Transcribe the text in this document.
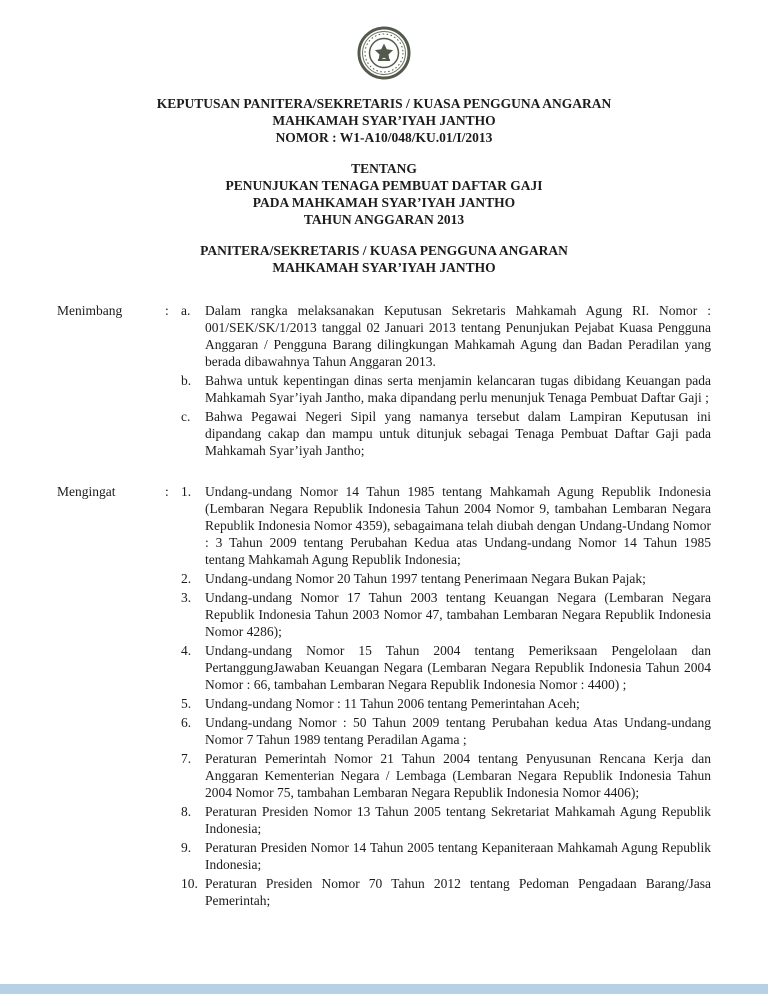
KEPUTUSAN PANITERA/SEKRETARIS / KUASA PENGGUNA ANGARAN
MAHKAMAH SYAR’IYAH JANTHO
NOMOR : W1-A10/048/KU.01/I/2013
TENTANG
PENUNJUKAN TENAGA PEMBUAT DAFTAR GAJI
PADA MAHKAMAH SYAR’IYAH JANTHO
TAHUN ANGGARAN 2013
PANITERA/SEKRETARIS / KUASA PENGGUNA ANGARAN
MAHKAMAH SYAR’IYAH JANTHO
Menimbang	: a.	Dalam rangka melaksanakan Keputusan Sekretaris Mahkamah Agung RI. Nomor : 001/SEK/SK/1/2013 tanggal 02 Januari 2013 tentang Penunjukan Pejabat Kuasa Pengguna Anggaran / Pengguna Barang dilingkungan Mahkamah Agung dan Badan Peradilan yang berada dibawahnya Tahun Anggaran 2013.
b.	Bahwa untuk kepentingan dinas serta menjamin kelancaran tugas dibidang Keuangan pada Mahkamah Syar’iyah Jantho, maka dipandang perlu menunjuk Tenaga Pembuat Daftar Gaji ;
c.	Bahwa Pegawai Negeri Sipil yang namanya tersebut dalam Lampiran Keputusan ini dipandang cakap dan mampu untuk ditunjuk sebagai Tenaga Pembuat Daftar Gaji pada Mahkamah Syar’iyah Jantho;
Mengingat	: 1.	Undang-undang Nomor 14 Tahun 1985 tentang Mahkamah Agung Republik Indonesia (Lembaran Negara Republik Indonesia Tahun 2004 Nomor 9, tambahan Lembaran Negara Republik Indonesia Nomor 4359), sebagaimana telah diubah dengan Undang-Undang Nomor : 3 Tahun 2009 tentang Perubahan Kedua atas Undang-undang Nomor 14 Tahun 1985 tentang Mahkamah Agung Republik Indonesia;
2.	Undang-undang Nomor 20 Tahun 1997 tentang Penerimaan Negara Bukan Pajak;
3.	Undang-undang Nomor 17 Tahun 2003 tentang Keuangan Negara (Lembaran Negara Republik Indonesia Tahun 2003 Nomor 47, tambahan Lembaran Negara Republik Indonesia Nomor 4286);
4.	Undang-undang Nomor 15 Tahun 2004 tentang Pemeriksaan Pengelolaan dan PertanggungJawaban Keuangan Negara (Lembaran Negara Republik Indonesia Tahun 2004 Nomor : 66, tambahan Lembaran Negara Republik Indonesia Nomor : 4400) ;
5.	Undang-undang Nomor : 11 Tahun 2006 tentang Pemerintahan Aceh;
6.	Undang-undang Nomor : 50 Tahun 2009 tentang Perubahan kedua Atas Undang-undang Nomor 7 Tahun 1989 tentang Peradilan Agama ;
7.	Peraturan Pemerintah Nomor 21 Tahun 2004 tentang Penyusunan Rencana Kerja dan Anggaran Kementerian Negara / Lembaga (Lembaran Negara Republik Indonesia Tahun 2004 Nomor 75, tambahan Lembaran Negara Republik Indonesia Nomor 4406);
8.	Peraturan Presiden Nomor 13 Tahun 2005 tentang Sekretariat Mahkamah Agung Republik Indonesia;
9.	Peraturan Presiden Nomor 14 Tahun 2005 tentang Kepaniteraan Mahkamah Agung Republik Indonesia;
10. Peraturan Presiden Nomor 70 Tahun 2012 tentang Pedoman Pengadaan Barang/Jasa Pemerintah;
